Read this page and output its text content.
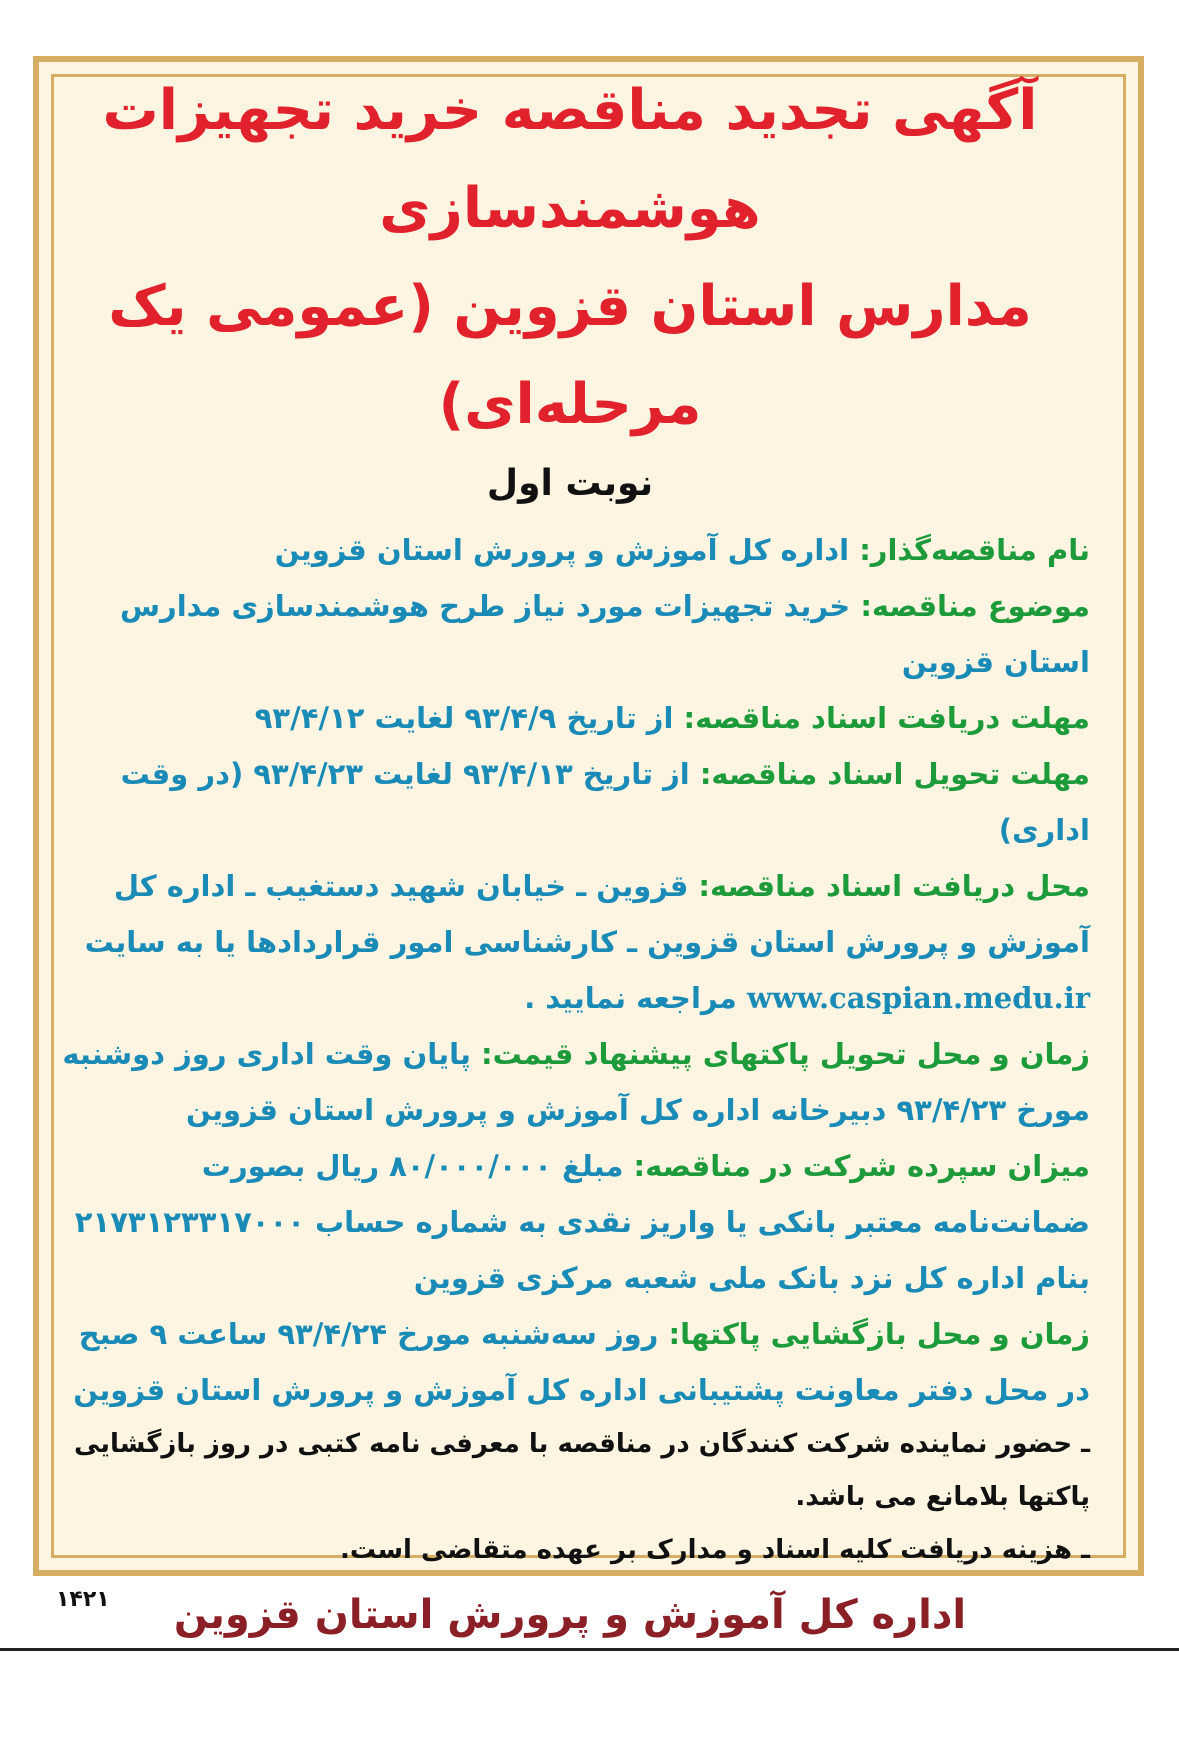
آگهی تجدید مناقصه خرید تجهیزات هوشمندسازی

مدارس استان قزوین (عمومی یک مرحله‌ای)

نوبت اول

نام مناقصه‌گذار: اداره کل آموزش و پرورش استان قزوین

موضوع مناقصه: خرید تجهیزات مورد نیاز طرح هوشمندسازی مدارس استان قزوین

مهلت دریافت اسناد مناقصه: از تاریخ ۹۳/۴/۹ لغایت ۹۳/۴/۱۲

مهلت تحویل اسناد مناقصه: از تاریخ ۹۳/۴/۱۳ لغایت ۹۳/۴/۲۳ (در وقت اداری)

محل دریافت اسناد مناقصه: قزوین ـ خیابان شهید دستغیب ـ اداره کل آموزش و پرورش استان قزوین ـ کارشناسی امور قراردادها یا به سایت www.caspian.medu.ir مراجعه نمایید .

زمان و محل تحویل پاکتهای پیشنهاد قیمت: پایان وقت اداری روز دوشنبه مورخ ۹۳/۴/۲۳ دبیرخانه اداره کل آموزش و پرورش استان قزوین

میزان سپرده شرکت در مناقصه: مبلغ ۸۰/۰۰۰/۰۰۰ ریال بصورت ضمانت‌نامه معتبر بانکی یا واریز نقدی به شماره حساب ۲۱۷۳۱۲۳۳۱۷۰۰۰ بنام اداره کل نزد بانک ملی شعبه مرکزی قزوین

زمان و محل بازگشایی پاکتها: روز سه‌شنبه مورخ ۹۳/۴/۲۴ ساعت ۹ صبح در محل دفتر معاونت پشتیبانی اداره کل آموزش و پرورش استان قزوین

ـ حضور نماینده شرکت کنندگان در مناقصه با معرفی نامه کتبی در روز بازگشایی پاکتها بلامانع می باشد.

ـ هزینه دریافت کلیه اسناد و مدارک بر عهده متقاضی است.

اداره کل آموزش و پرورش استان قزوین
۱۴۲۱
